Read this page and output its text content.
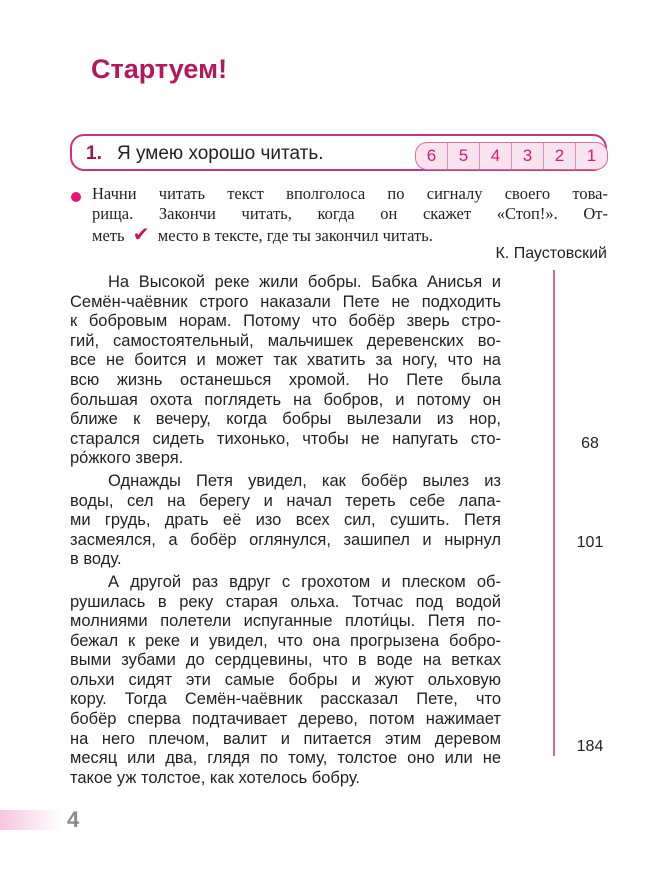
Стартуем!
1. Я умею хорошо читать.	6	5	4	3	2	1
Начни читать текст вполголоса по сигналу своего това-
рища. Закончи читать, когда он скажет «Стоп!». От-
меть ✔ место в тексте, где ты закончил читать.
К. Паустовский
На Высокой реке жили бобры. Бабка Анисья и
Семён-чаёвник строго наказали Пете не подходить
к бобровым норам. Потому что бобёр зверь стро-
гий, самостоятельный, мальчишек деревенских во-
все не боится и может так хватить за ногу, что на
всю жизнь останешься хромой. Но Пете была
большая охота поглядеть на бобров, и потому он
ближе к вечеру, когда бобры вылезали из нор,
старался сидеть тихонько, чтобы не напугать сто-
ро́жкого зверя.
Однажды Петя увидел, как бобёр вылез из
воды, сел на берегу и начал тереть себе лапа-
ми грудь, драть её изо всех сил, сушить. Петя
засмеялся, а бобёр оглянулся, зашипел и нырнул
в воду.
А другой раз вдруг с грохотом и плеском об-
рушилась в реку старая ольха. Тотчас под водой
молниями полетели испуганные плоти́цы. Петя по-
бежал к реке и увидел, что она прогрызена бобро-
выми зубами до сердцевины, что в воде на ветках
ольхи сидят эти самые бобры и жуют ольховую
кору. Тогда Семён-чаёвник рассказал Пете, что
бобёр сперва подтачивает дерево, потом нажимает
на него плечом, валит и питается этим деревом
месяц или два, глядя по тому, толстое оно или не
такое уж толстое, как хотелось бобру.
68
101
184
4
